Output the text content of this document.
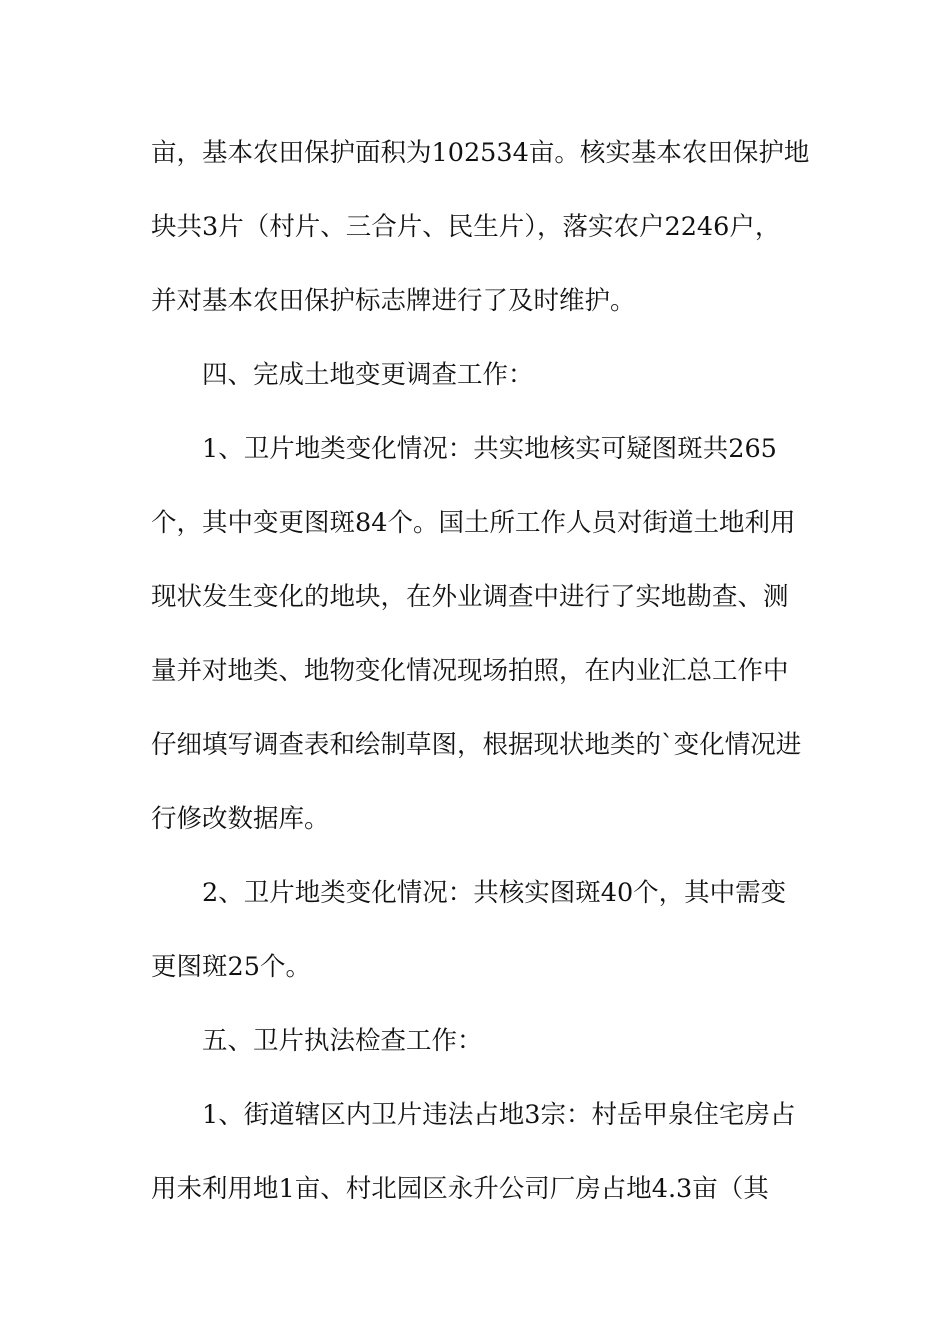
亩，基本农田保护面积为102534亩。核实基本农田保护地
块共3片（村片、三合片、民生片），落实农户2246户，
并对基本农田保护标志牌进行了及时维护。
四、完成土地变更调查工作：
1、卫片地类变化情况：共实地核实可疑图斑共265
个，其中变更图斑84个。国土所工作人员对街道土地利用
现状发生变化的地块，在外业调查中进行了实地勘查、测
量并对地类、地物变化情况现场拍照，在内业汇总工作中
仔细填写调查表和绘制草图，根据现状地类的`变化情况进
行修改数据库。
2、卫片地类变化情况：共核实图斑40个，其中需变
更图斑25个。
五、卫片执法检查工作：
1、街道辖区内卫片违法占地3宗：村岳甲泉住宅房占
用未利用地1亩、村北园区永升公司厂房占地4.3亩（其
